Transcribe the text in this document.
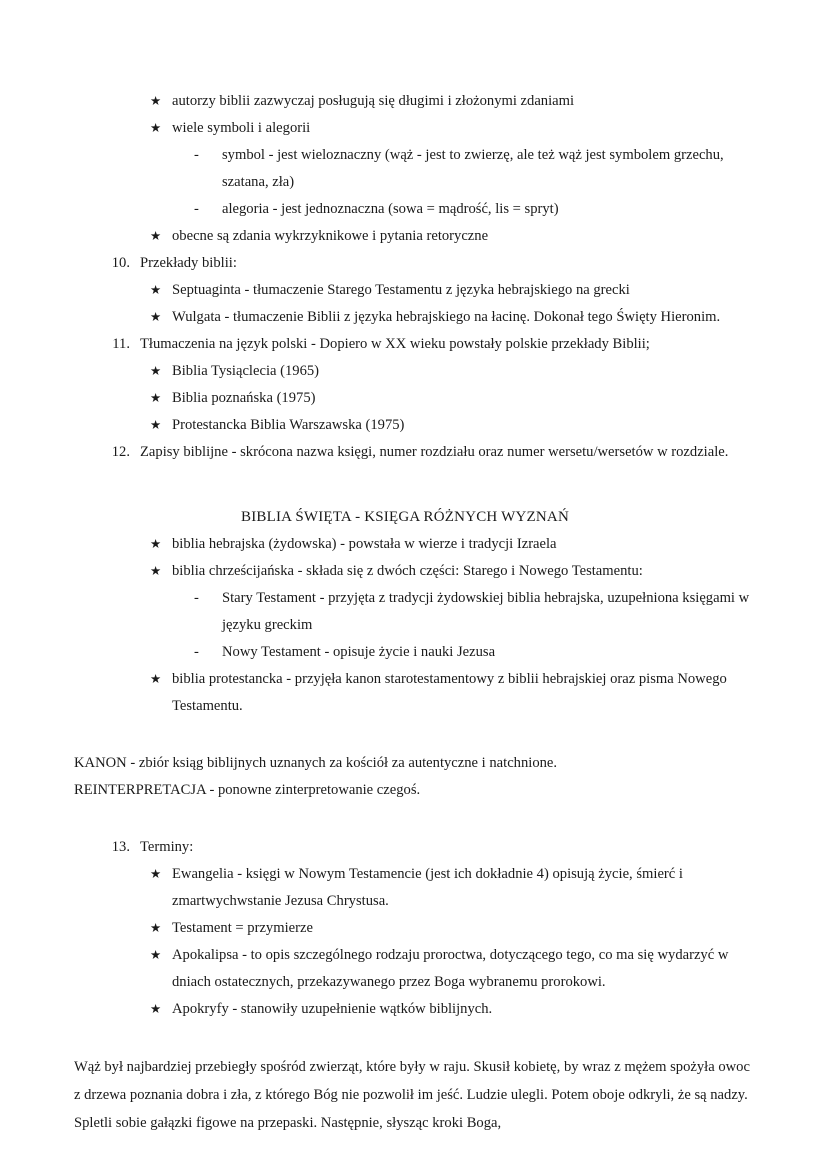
★ autorzy biblii zazwyczaj posługują się długimi i złożonymi zdaniami
★ wiele symboli i alegorii
-	symbol - jest wieloznaczny (wąż - jest to zwierzę, ale też wąż jest symbolem grzechu, szatana, zła)
-	alegoria - jest jednoznaczna (sowa = mądrość, lis = spryt)
★ obecne są zdania wykrzyknikowe i pytania retoryczne
10. Przekłady biblii:
★ Septuaginta - tłumaczenie Starego Testamentu z języka hebrajskiego na grecki
★ Wulgata - tłumaczenie Biblii z języka hebrajskiego na łacinę. Dokonał tego Święty Hieronim.
11. Tłumaczenia na język polski - Dopiero w XX wieku powstały polskie przekłady Biblii;
★ Biblia Tysiąclecia (1965)
★ Biblia poznańska (1975)
★ Protestancka Biblia Warszawska (1975)
12. Zapisy biblijne - skrócona nazwa księgi, numer rozdziału oraz numer wersetu/wersetów w rozdziale.
BIBLIA ŚWIĘTA - KSIĘGA RÓŻNYCH WYZNAŃ
★ biblia hebrajska (żydowska) - powstała w wierze i tradycji Izraela
★ biblia chrześcijańska - składa się z dwóch części: Starego i Nowego Testamentu:
-	Stary Testament - przyjęta z tradycji żydowskiej biblia hebrajska, uzupełniona księgami w języku greckim
-	Nowy Testament - opisuje życie i nauki Jezusa
★ biblia protestancka - przyjęła kanon starotestamentowy z biblii hebrajskiej oraz pisma Nowego Testamentu.
KANON - zbiór ksiąg biblijnych uznanych za kościół za autentyczne i natchnione.
REINTERPRETACJA - ponowne zinterpretowanie czegoś.
13. Terminy:
★ Ewangelia - księgi w Nowym Testamencie (jest ich dokładnie 4) opisują życie, śmierć i zmartwychwstanie Jezusa Chrystusa.
★ Testament = przymierze
★ Apokalipsa - to opis szczególnego rodzaju proroctwa, dotyczącego tego, co ma się wydarzyć w dniach ostatecznych, przekazywanego przez Boga wybranemu prorokowi.
★ Apokryfy - stanowiły uzupełnienie wątków biblijnych.
Wąż był najbardziej przebiegły spośród zwierząt, które były w raju. Skusił kobietę, by wraz z mężem spożyła owoc z drzewa poznania dobra i zła, z którego Bóg nie pozwolił im jeść. Ludzie ulegli. Potem oboje odkryli, że są nadzy. Spletli sobie gałązki figowe na przepaski. Następnie, słysząc kroki Boga,
